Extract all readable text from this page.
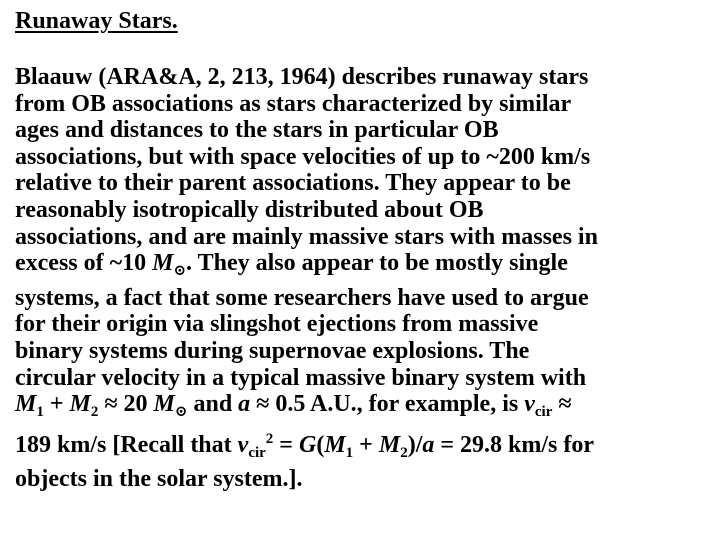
Runaway Stars.
Blaauw (ARA&A, 2, 213, 1964) describes runaway stars
from OB associations as stars characterized by similar
ages and distances to the stars in particular OB
associations, but with space velocities of up to ~200 km/s
relative to their parent associations. They appear to be
reasonably isotropically distributed about OB
associations, and are mainly massive stars with masses in
excess of ~10 $M_⊙$. They also appear to be mostly single
systems, a fact that some researchers have used to argue
for their origin via slingshot ejections from massive
binary systems during supernovae explosions. The
circular velocity in a typical massive binary system with
$M_1 + M_2 \approx 20$ $M_⊙$ and a ≈ 0.5 A.U., for example, is $v_{cir}$ ≈
189 km/s [Recall that $v_{cir}^2 = G(M_1 + M_2)/a = 29.8$ km/s for
objects in the solar system.].
